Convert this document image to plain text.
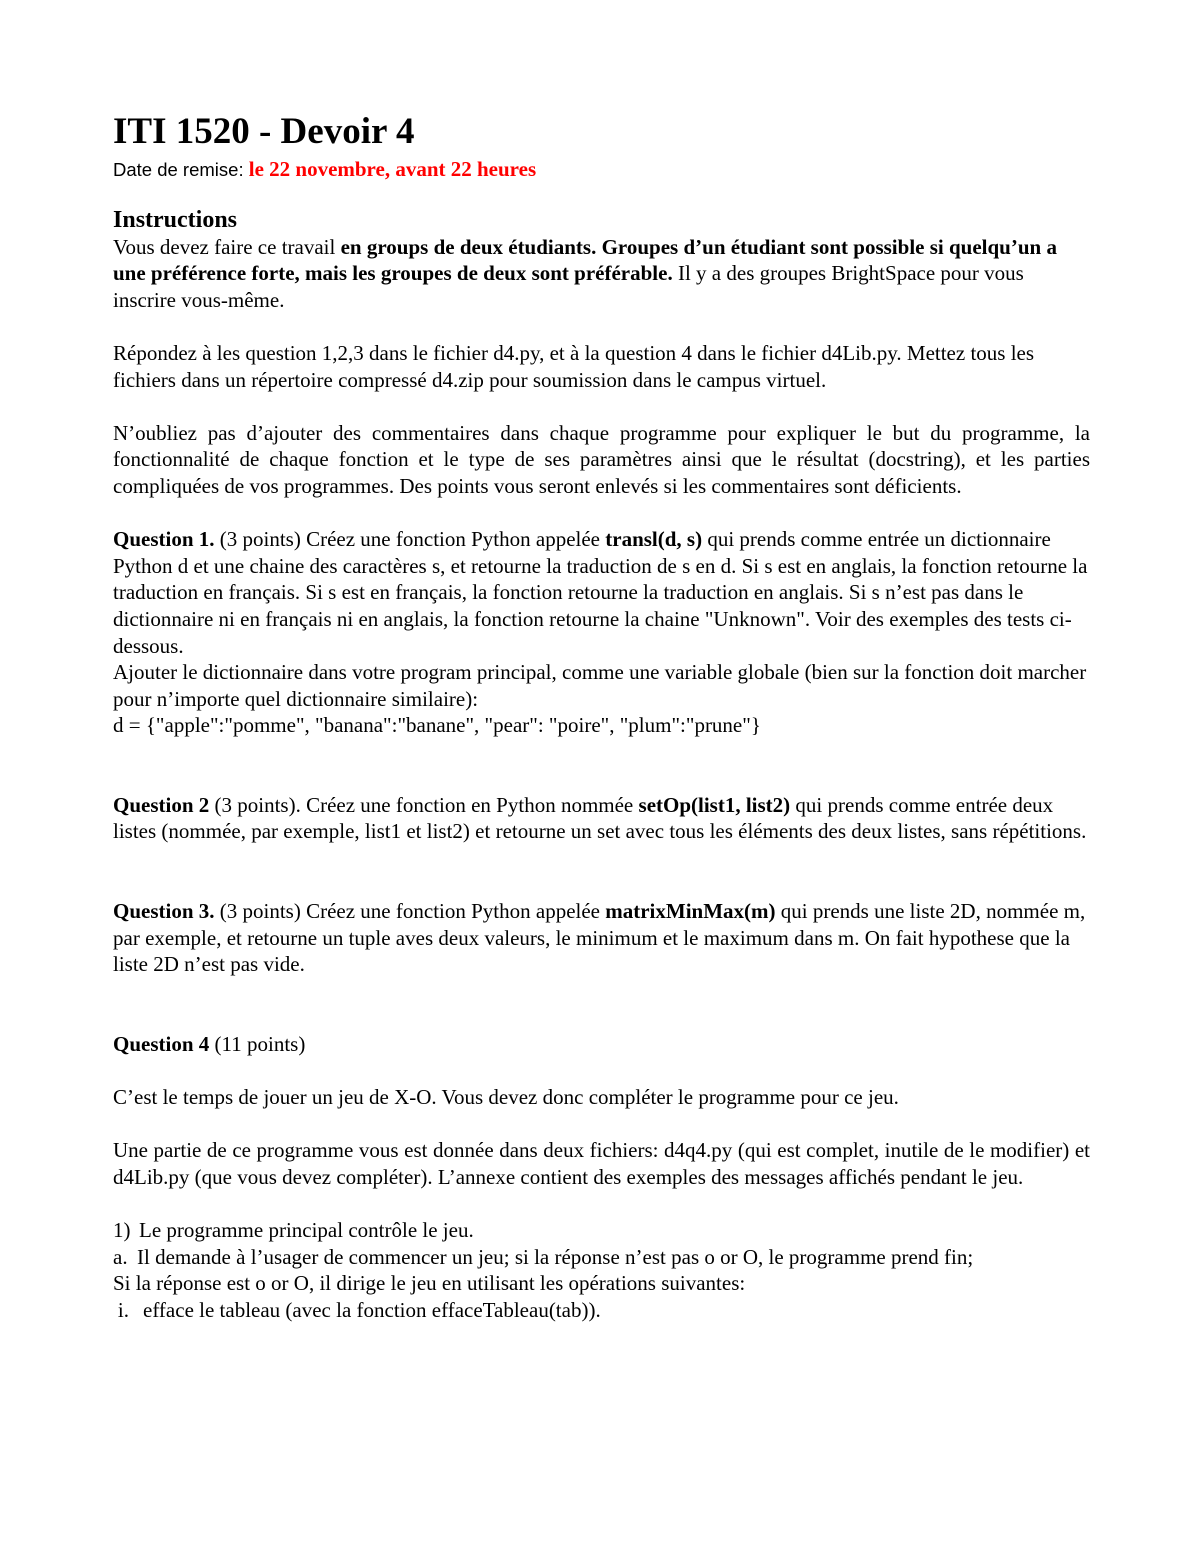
ITI 1520 - Devoir 4

Date de remise: le 22 novembre, avant 22 heures

Instructions

Vous devez faire ce travail en groups de deux étudiants. Groupes d’un étudiant sont possible si quelqu’un a une préférence forte, mais les groupes de deux sont préférable. Il y a des groupes BrightSpace pour vous inscrire vous-même.

Répondez à les question 1,2,3 dans le fichier d4.py, et à la question 4 dans le fichier d4Lib.py. Mettez tous les fichiers dans un répertoire compressé d4.zip pour soumission dans le campus virtuel.

N’oubliez pas d’ajouter des commentaires dans chaque programme pour expliquer le but du programme, la fonctionnalité de chaque fonction et le type de ses paramètres ainsi que le résultat (docstring), et les parties compliquées de vos programmes. Des points vous seront enlevés si les commentaires sont déficients.

Question 1. (3 points) Créez une fonction Python appelée transl(d, s) qui prends comme entrée un dictionnaire Python d et une chaine des caractères s, et retourne la traduction de s en d. Si s est en anglais, la fonction retourne la traduction en français. Si s est en français, la fonction retourne la traduction en anglais. Si s n’est pas dans le dictionnaire ni en français ni en anglais, la fonction retourne la chaine "Unknown". Voir des exemples des tests ci-dessous.

Ajouter le dictionnaire dans votre program principal, comme une variable globale (bien sur la fonction doit marcher pour n’importe quel dictionnaire similaire):

d = {"apple":"pomme", "banana":"banane", "pear": "poire", "plum":"prune"}

Question 2 (3 points). Créez une fonction en Python nommée setOp(list1, list2) qui prends comme entrée deux listes (nommée, par exemple, list1 et list2) et retourne un set avec tous les éléments des deux listes, sans répétitions.

Question 3. (3 points) Créez une fonction Python appelée matrixMinMax(m) qui prends une liste 2D, nommée m, par exemple, et retourne un tuple aves deux valeurs, le minimum et le maximum dans m. On fait hypothese que la liste 2D n’est pas vide.

Question 4 (11 points)

C’est le temps de jouer un jeu de X-O. Vous devez donc compléter le programme pour ce jeu.

Une partie de ce programme vous est donnée dans deux fichiers: d4q4.py (qui est complet, inutile de le modifier) et d4Lib.py (que vous devez compléter). L’annexe contient des exemples des messages affichés pendant le jeu.

1) Le programme principal contrôle le jeu.

a. Il demande à l’usager de commencer un jeu; si la réponse n’est pas o or O, le programme prend fin;

Si la réponse est o or O, il dirige le jeu en utilisant les opérations suivantes:

i. efface le tableau (avec la fonction effaceTableau(tab)).
